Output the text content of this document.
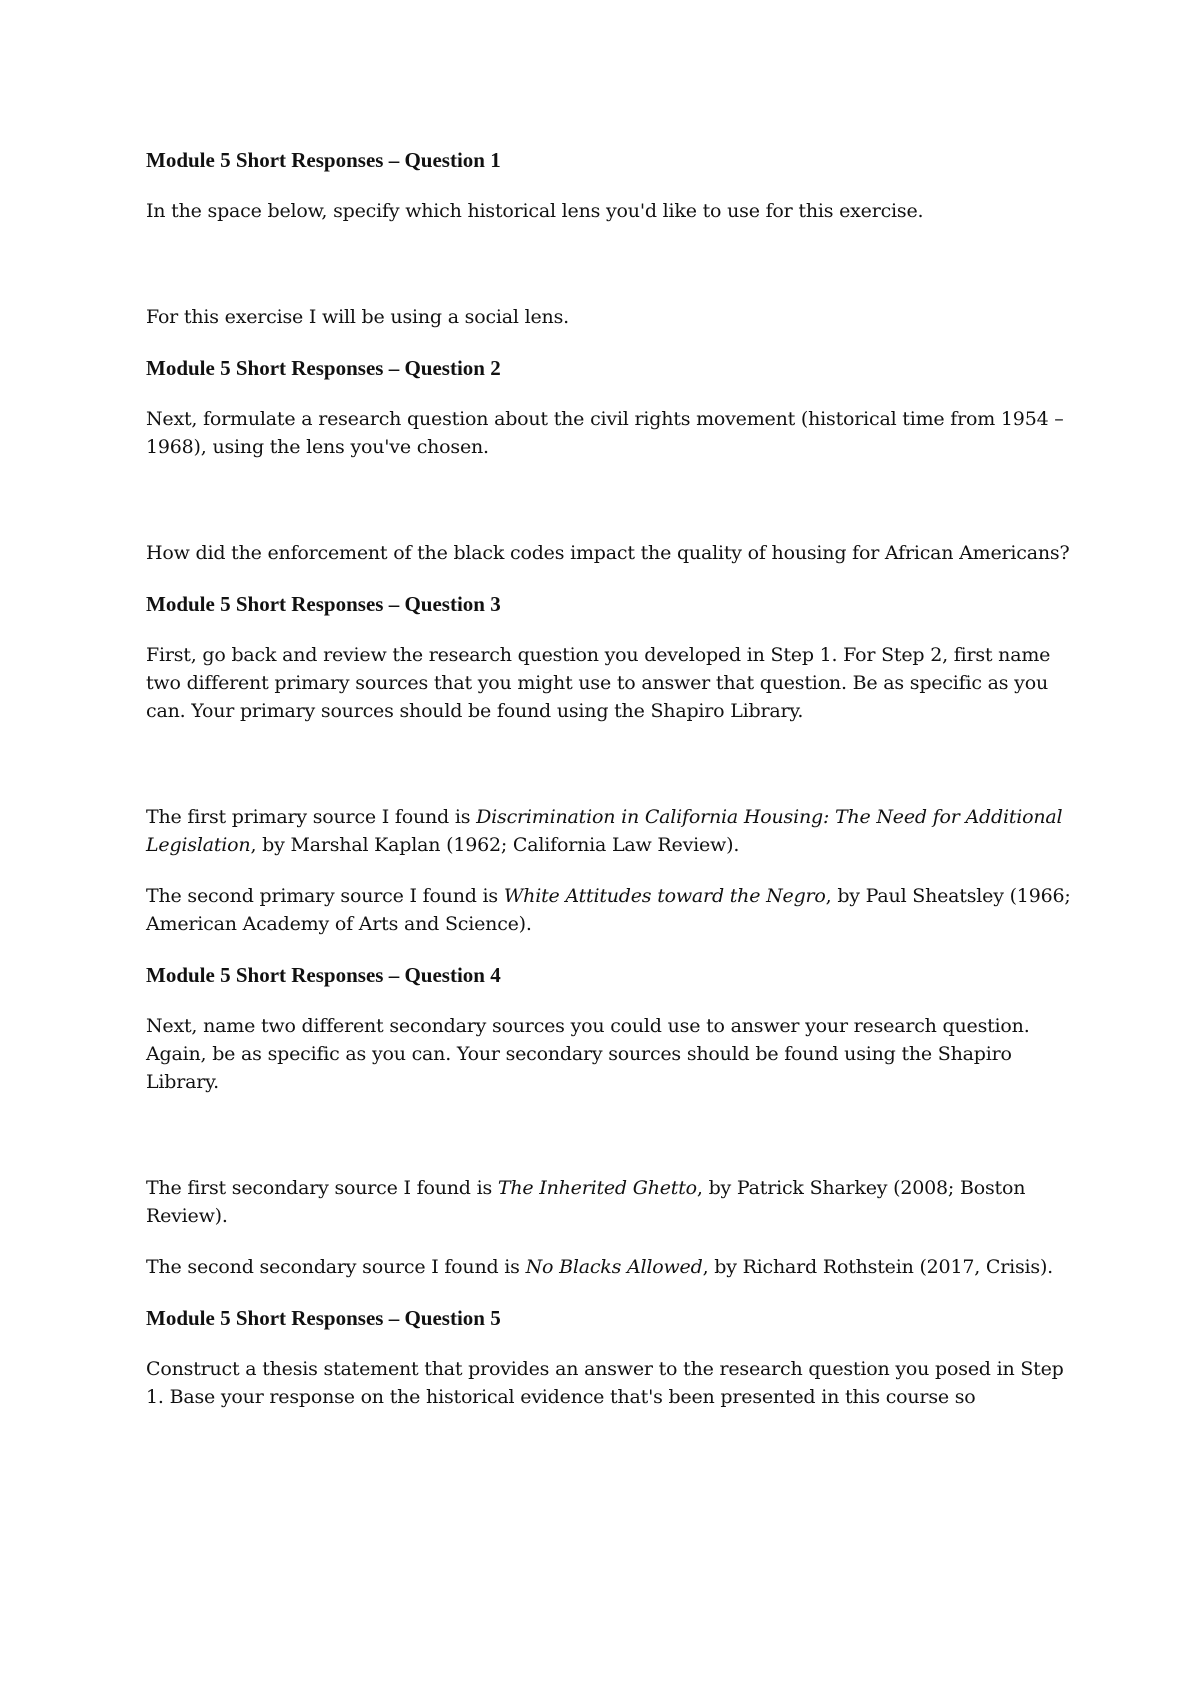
Module 5 Short Responses – Question 1

In the space below, specify which historical lens you'd like to use for this exercise.

For this exercise I will be using a social lens.

Module 5 Short Responses – Question 2

Next, formulate a research question about the civil rights movement (historical time from 1954 – 1968), using the lens you've chosen.

How did the enforcement of the black codes impact the quality of housing for African Americans?

Module 5 Short Responses – Question 3

First, go back and review the research question you developed in Step 1. For Step 2, first name two different primary sources that you might use to answer that question. Be as specific as you can. Your primary sources should be found using the Shapiro Library.

The first primary source I found is Discrimination in California Housing: The Need for Additional Legislation, by Marshal Kaplan (1962; California Law Review).

The second primary source I found is White Attitudes toward the Negro, by Paul Sheatsley (1966; American Academy of Arts and Science).

Module 5 Short Responses – Question 4

Next, name two different secondary sources you could use to answer your research question. Again, be as specific as you can. Your secondary sources should be found using the Shapiro Library.

The first secondary source I found is The Inherited Ghetto, by Patrick Sharkey (2008; Boston Review).

The second secondary source I found is No Blacks Allowed, by Richard Rothstein (2017, Crisis).

Module 5 Short Responses – Question 5

Construct a thesis statement that provides an answer to the research question you posed in Step 1. Base your response on the historical evidence that's been presented in this course so
